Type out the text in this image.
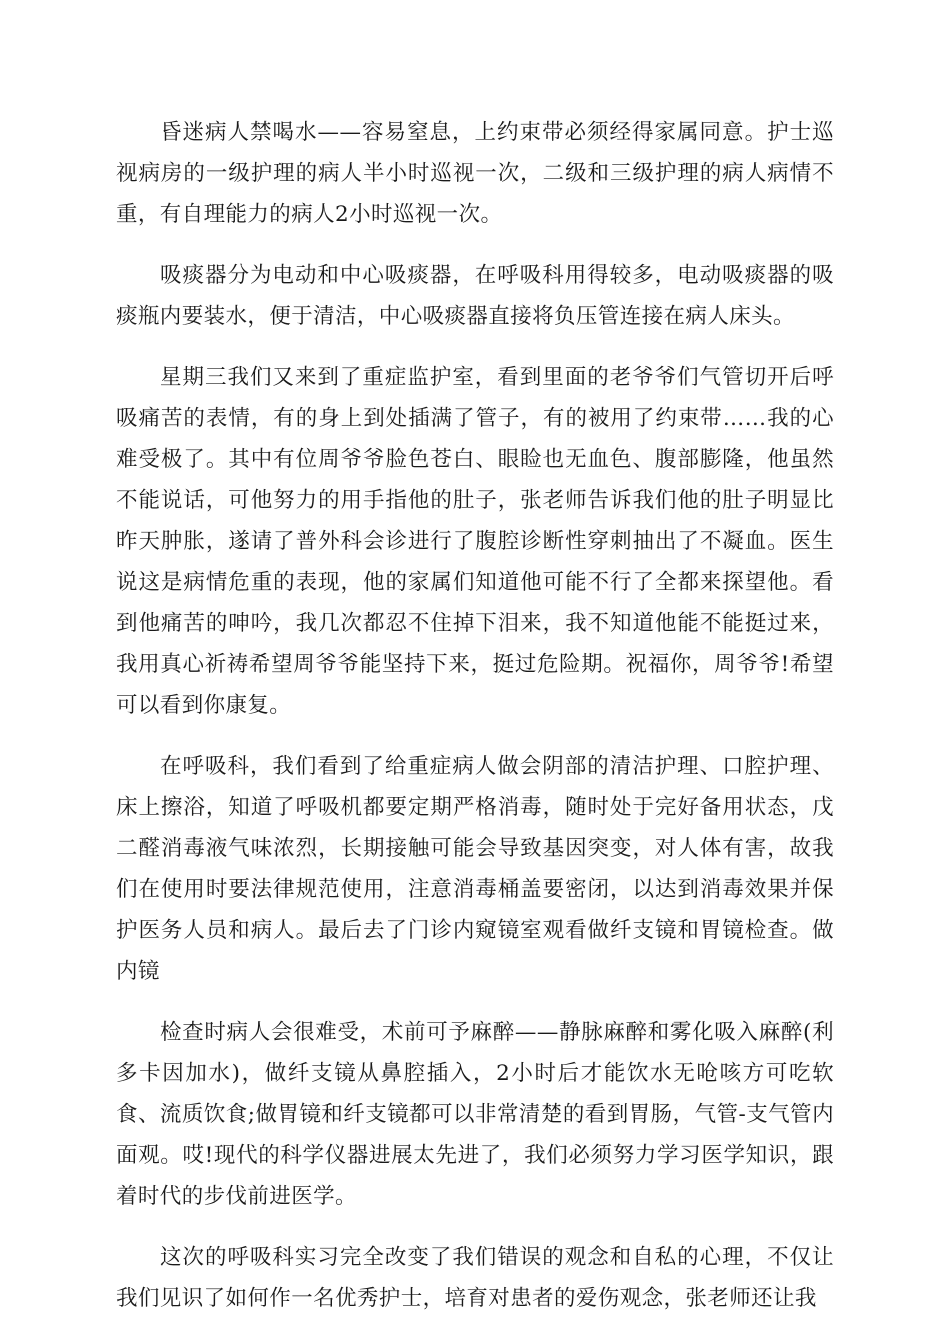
昏迷病人禁喝水——容易窒息，上约束带必须经得家属同意。护士巡视病房的一级护理的病人半小时巡视一次，二级和三级护理的病人病情不重，有自理能力的病人2小时巡视一次。

吸痰器分为电动和中心吸痰器，在呼吸科用得较多，电动吸痰器的吸痰瓶内要装水，便于清洁，中心吸痰器直接将负压管连接在病人床头。

星期三我们又来到了重症监护室，看到里面的老爷爷们气管切开后呼吸痛苦的表情，有的身上到处插满了管子，有的被用了约束带……我的心难受极了。其中有位周爷爷脸色苍白、眼睑也无血色、腹部膨隆，他虽然不能说话，可他努力的用手指他的肚子，张老师告诉我们他的肚子明显比昨天肿胀，遂请了普外科会诊进行了腹腔诊断性穿刺抽出了不凝血。医生说这是病情危重的表现，他的家属们知道他可能不行了全都来探望他。看到他痛苦的呻吟，我几次都忍不住掉下泪来，我不知道他能不能挺过来，我用真心祈祷希望周爷爷能坚持下来，挺过危险期。祝福你，周爷爷!希望可以看到你康复。

在呼吸科，我们看到了给重症病人做会阴部的清洁护理、口腔护理、床上擦浴，知道了呼吸机都要定期严格消毒，随时处于完好备用状态，戊二醛消毒液气味浓烈，长期接触可能会导致基因突变，对人体有害，故我们在使用时要法律规范使用，注意消毒桶盖要密闭，以达到消毒效果并保护医务人员和病人。最后去了门诊内窥镜室观看做纤支镜和胃镜检查。做内镜

检查时病人会很难受，术前可予麻醉——静脉麻醉和雾化吸入麻醉(利多卡因加水)，做纤支镜从鼻腔插入，2小时后才能饮水无呛咳方可吃软食、流质饮食;做胃镜和纤支镜都可以非常清楚的看到胃肠，气管-支气管内面观。哎!现代的科学仪器进展太先进了，我们必须努力学习医学知识，跟着时代的步伐前进医学。

这次的呼吸科实习完全改变了我们错误的观念和自私的心理，不仅让我们见识了如何作一名优秀护士，培育对患者的爱伤观念，张老师还让我
